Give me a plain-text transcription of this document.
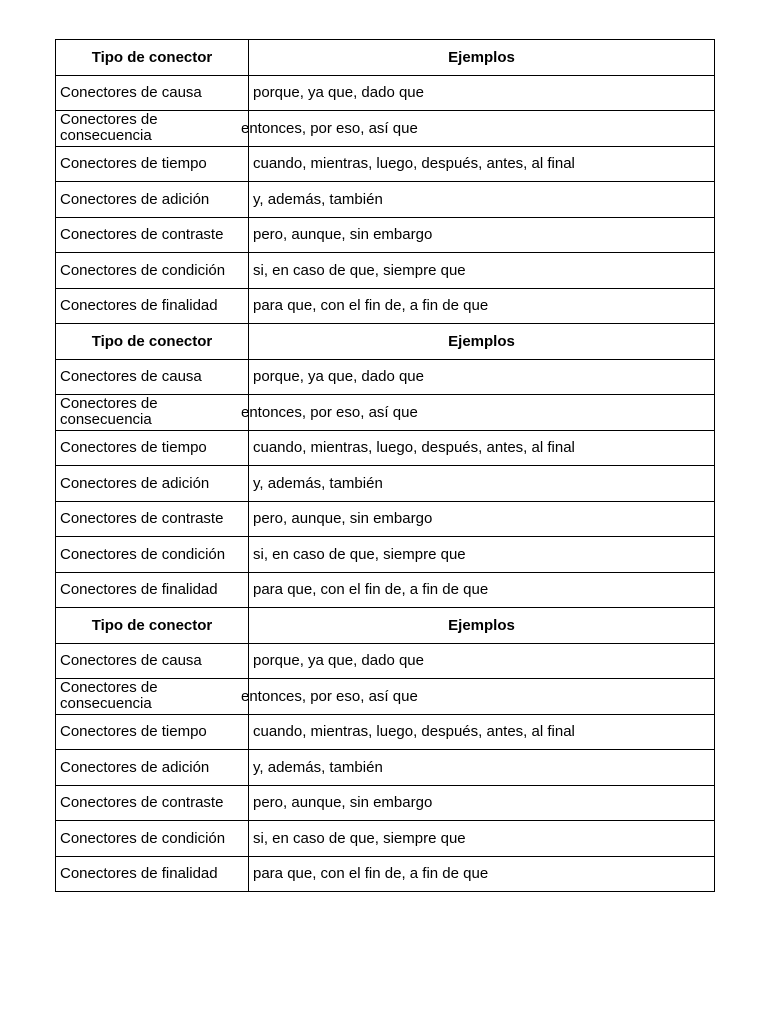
Tipo de conector	Ejemplos
Conectores de causa	porque, ya que, dado que
Conectores de consecuencia	entonces, por eso, así que
Conectores de tiempo	cuando, mientras, luego, después, antes, al final
Conectores de adición	y, además, también
Conectores de contraste	pero, aunque, sin embargo
Conectores de condición	si, en caso de que, siempre que
Conectores de finalidad	para que, con el fin de, a fin de que
Tipo de conector	Ejemplos
Conectores de causa	porque, ya que, dado que
Conectores de consecuencia	entonces, por eso, así que
Conectores de tiempo	cuando, mientras, luego, después, antes, al final
Conectores de adición	y, además, también
Conectores de contraste	pero, aunque, sin embargo
Conectores de condición	si, en caso de que, siempre que
Conectores de finalidad	para que, con el fin de, a fin de que
Tipo de conector	Ejemplos
Conectores de causa	porque, ya que, dado que
Conectores de consecuencia	entonces, por eso, así que
Conectores de tiempo	cuando, mientras, luego, después, antes, al final
Conectores de adición	y, además, también
Conectores de contraste	pero, aunque, sin embargo
Conectores de condición	si, en caso de que, siempre que
Conectores de finalidad	para que, con el fin de, a fin de que
